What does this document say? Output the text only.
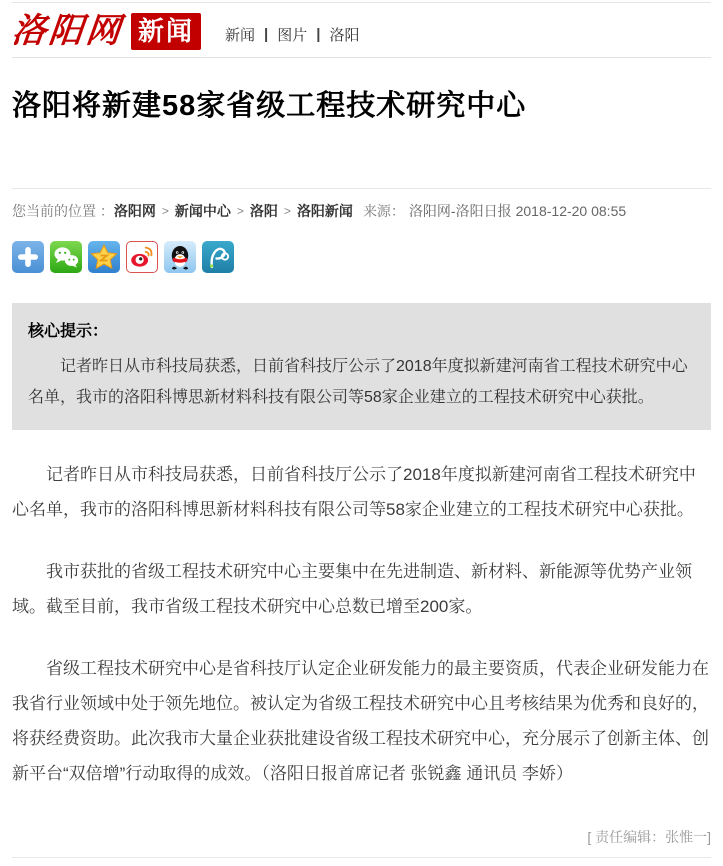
洛阳网 新闻	新闻 | 图片 | 洛阳
洛阳将新建58家省级工程技术研究中心
您当前的位置 ： 洛阳网 > 新闻中心 > 洛阳 > 洛阳新闻 来源： 洛阳网-洛阳日报 2018-12-20 08:55
核心提示：

记者昨日从市科技局获悉，日前省科技厅公示了2018年度拟新建河南省工程技术研究中心名单，我市的洛阳科博思新材料科技有限公司等58家企业建立的工程技术研究中心获批。

记者昨日从市科技局获悉，日前省科技厅公示了2018年度拟新建河南省工程技术研究中心名单，我市的洛阳科博思新材料科技有限公司等58家企业建立的工程技术研究中心获批。

我市获批的省级工程技术研究中心主要集中在先进制造、新材料、新能源等优势产业领域。截至目前，我市省级工程技术研究中心总数已增至200家。

省级工程技术研究中心是省科技厅认定企业研发能力的最主要资质，代表企业研发能力在我省行业领域中处于领先地位。被认定为省级工程技术研究中心且考核结果为优秀和良好的，将获经费资助。此次我市大量企业获批建设省级工程技术研究中心，充分展示了创新主体、创新平台“双倍增”行动取得的成效。（洛阳日报首席记者 张锐鑫 通讯员 李娇）

[ 责任编辑：张惟一]
